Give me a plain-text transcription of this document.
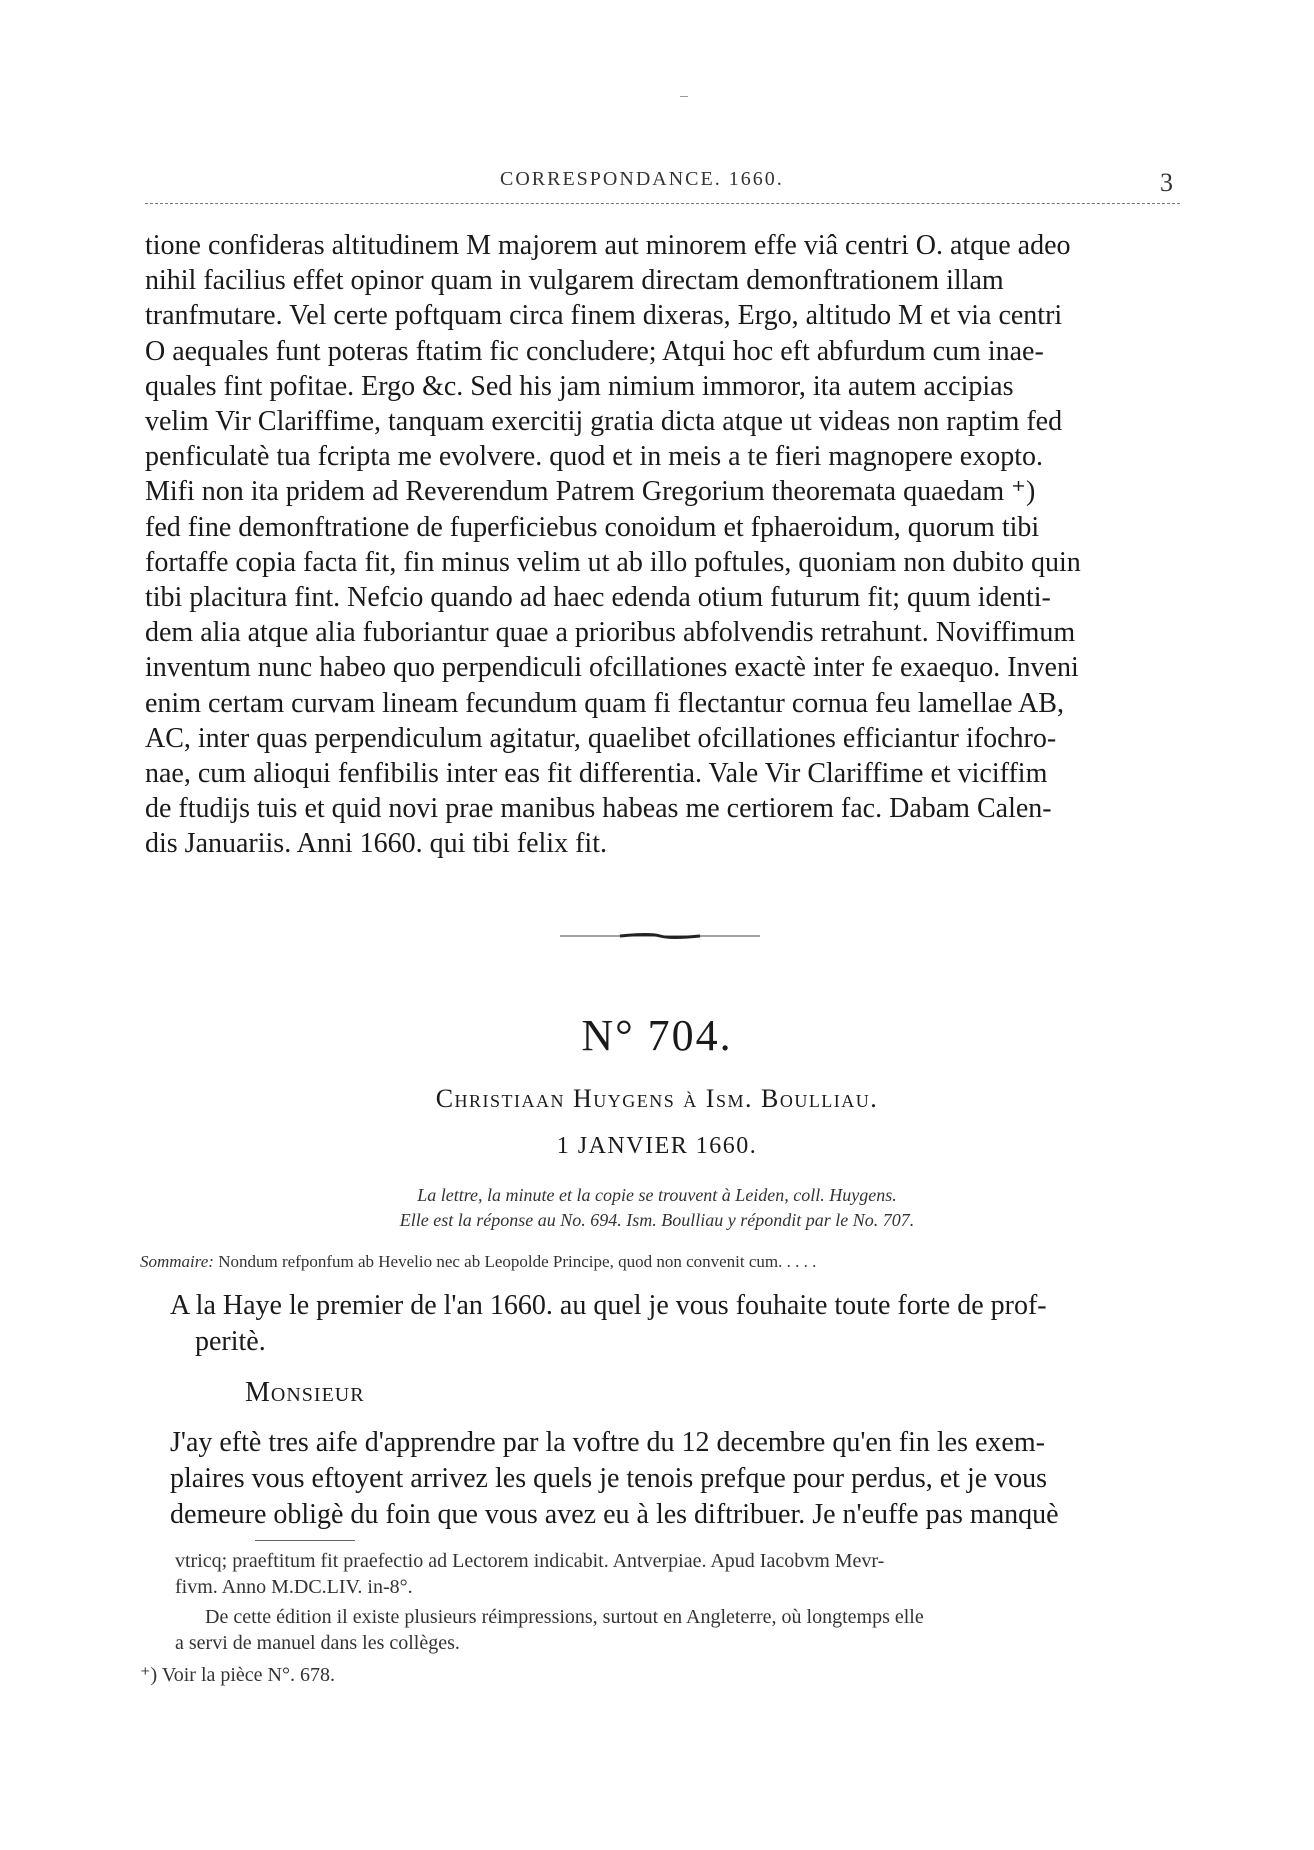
CORRESPONDANCE. 1660.	3

tione confideras altitudinem M majorem aut minorem effe viâ centri O. atque adeo

nihil facilius effet opinor quam in vulgarem directam demonftrationem illam

tranfmutare. Vel certe poftquam circa finem dixeras, Ergo, altitudo M et via centri

O aequales funt poteras ftatim fic concludere; Atqui hoc eft abfurdum cum inae-

quales fint pofitae. Ergo &c. Sed his jam nimium immoror, ita autem accipias

velim Vir Clariffime, tanquam exercitij gratia dicta atque ut videas non raptim fed

penficulatè tua fcripta me evolvere. quod et in meis a te fieri magnopere exopto.

Mifi non ita pridem ad Reverendum Patrem Gregorium theoremata quaedam ⁺)

fed fine demonftratione de fuperficiebus conoidum et fphaeroidum, quorum tibi

fortaffe copia facta fit, fin minus velim ut ab illo poftules, quoniam non dubito quin

tibi placitura fint. Nefcio quando ad haec edenda otium futurum fit; quum identi-

dem alia atque alia fuboriantur quae a prioribus abfolvendis retrahunt. Noviffimum

inventum nunc habeo quo perpendiculi ofcillationes exactè inter fe exaequo. Inveni

enim certam curvam lineam fecundum quam fi flectantur cornua feu lamellae AB,

AC, inter quas perpendiculum agitatur, quaelibet ofcillationes efficiantur ifochro-

nae, cum alioqui fenfibilis inter eas fit differentia. Vale Vir Clariffime et viciffim

de ftudijs tuis et quid novi prae manibus habeas me certiorem fac. Dabam Calen-

dis Januariis. Anni 1660. qui tibi felix fit.

N° 704.
Christiaan Huygens à Ism. Boulliau.
1 JANVIER 1660.
La lettre, la minute et la copie se trouvent à Leiden, coll. Huygens.
Elle est la réponse au No. 694. Ism. Boulliau y répondit par le No. 707.
Sommaire: Nondum refponfum ab Hevelio nec ab Leopolde Principe, quod non convenit cum. . . . .
A la Haye le premier de l'an 1660. au quel je vous fouhaite toute forte de prof-
peritè.
Monsieur
J'ay eftè tres aife d'apprendre par la voftre du 12 decembre qu'en fin les exem-
plaires vous eftoyent arrivez les quels je tenois prefque pour perdus, et je vous
demeure obligè du foin que vous avez eu à les diftribuer. Je n'euffe pas manquè

vtricq; praeftitum fit praefectio ad Lectorem indicabit. Antverpiae. Apud Iacobvm Mevr-

fivm. Anno M.DC.LIV. in-8°.

De cette édition il existe plusieurs réimpressions, surtout en Angleterre, où longtemps elle

a servi de manuel dans les collèges.

⁺) Voir la pièce N°. 678.
